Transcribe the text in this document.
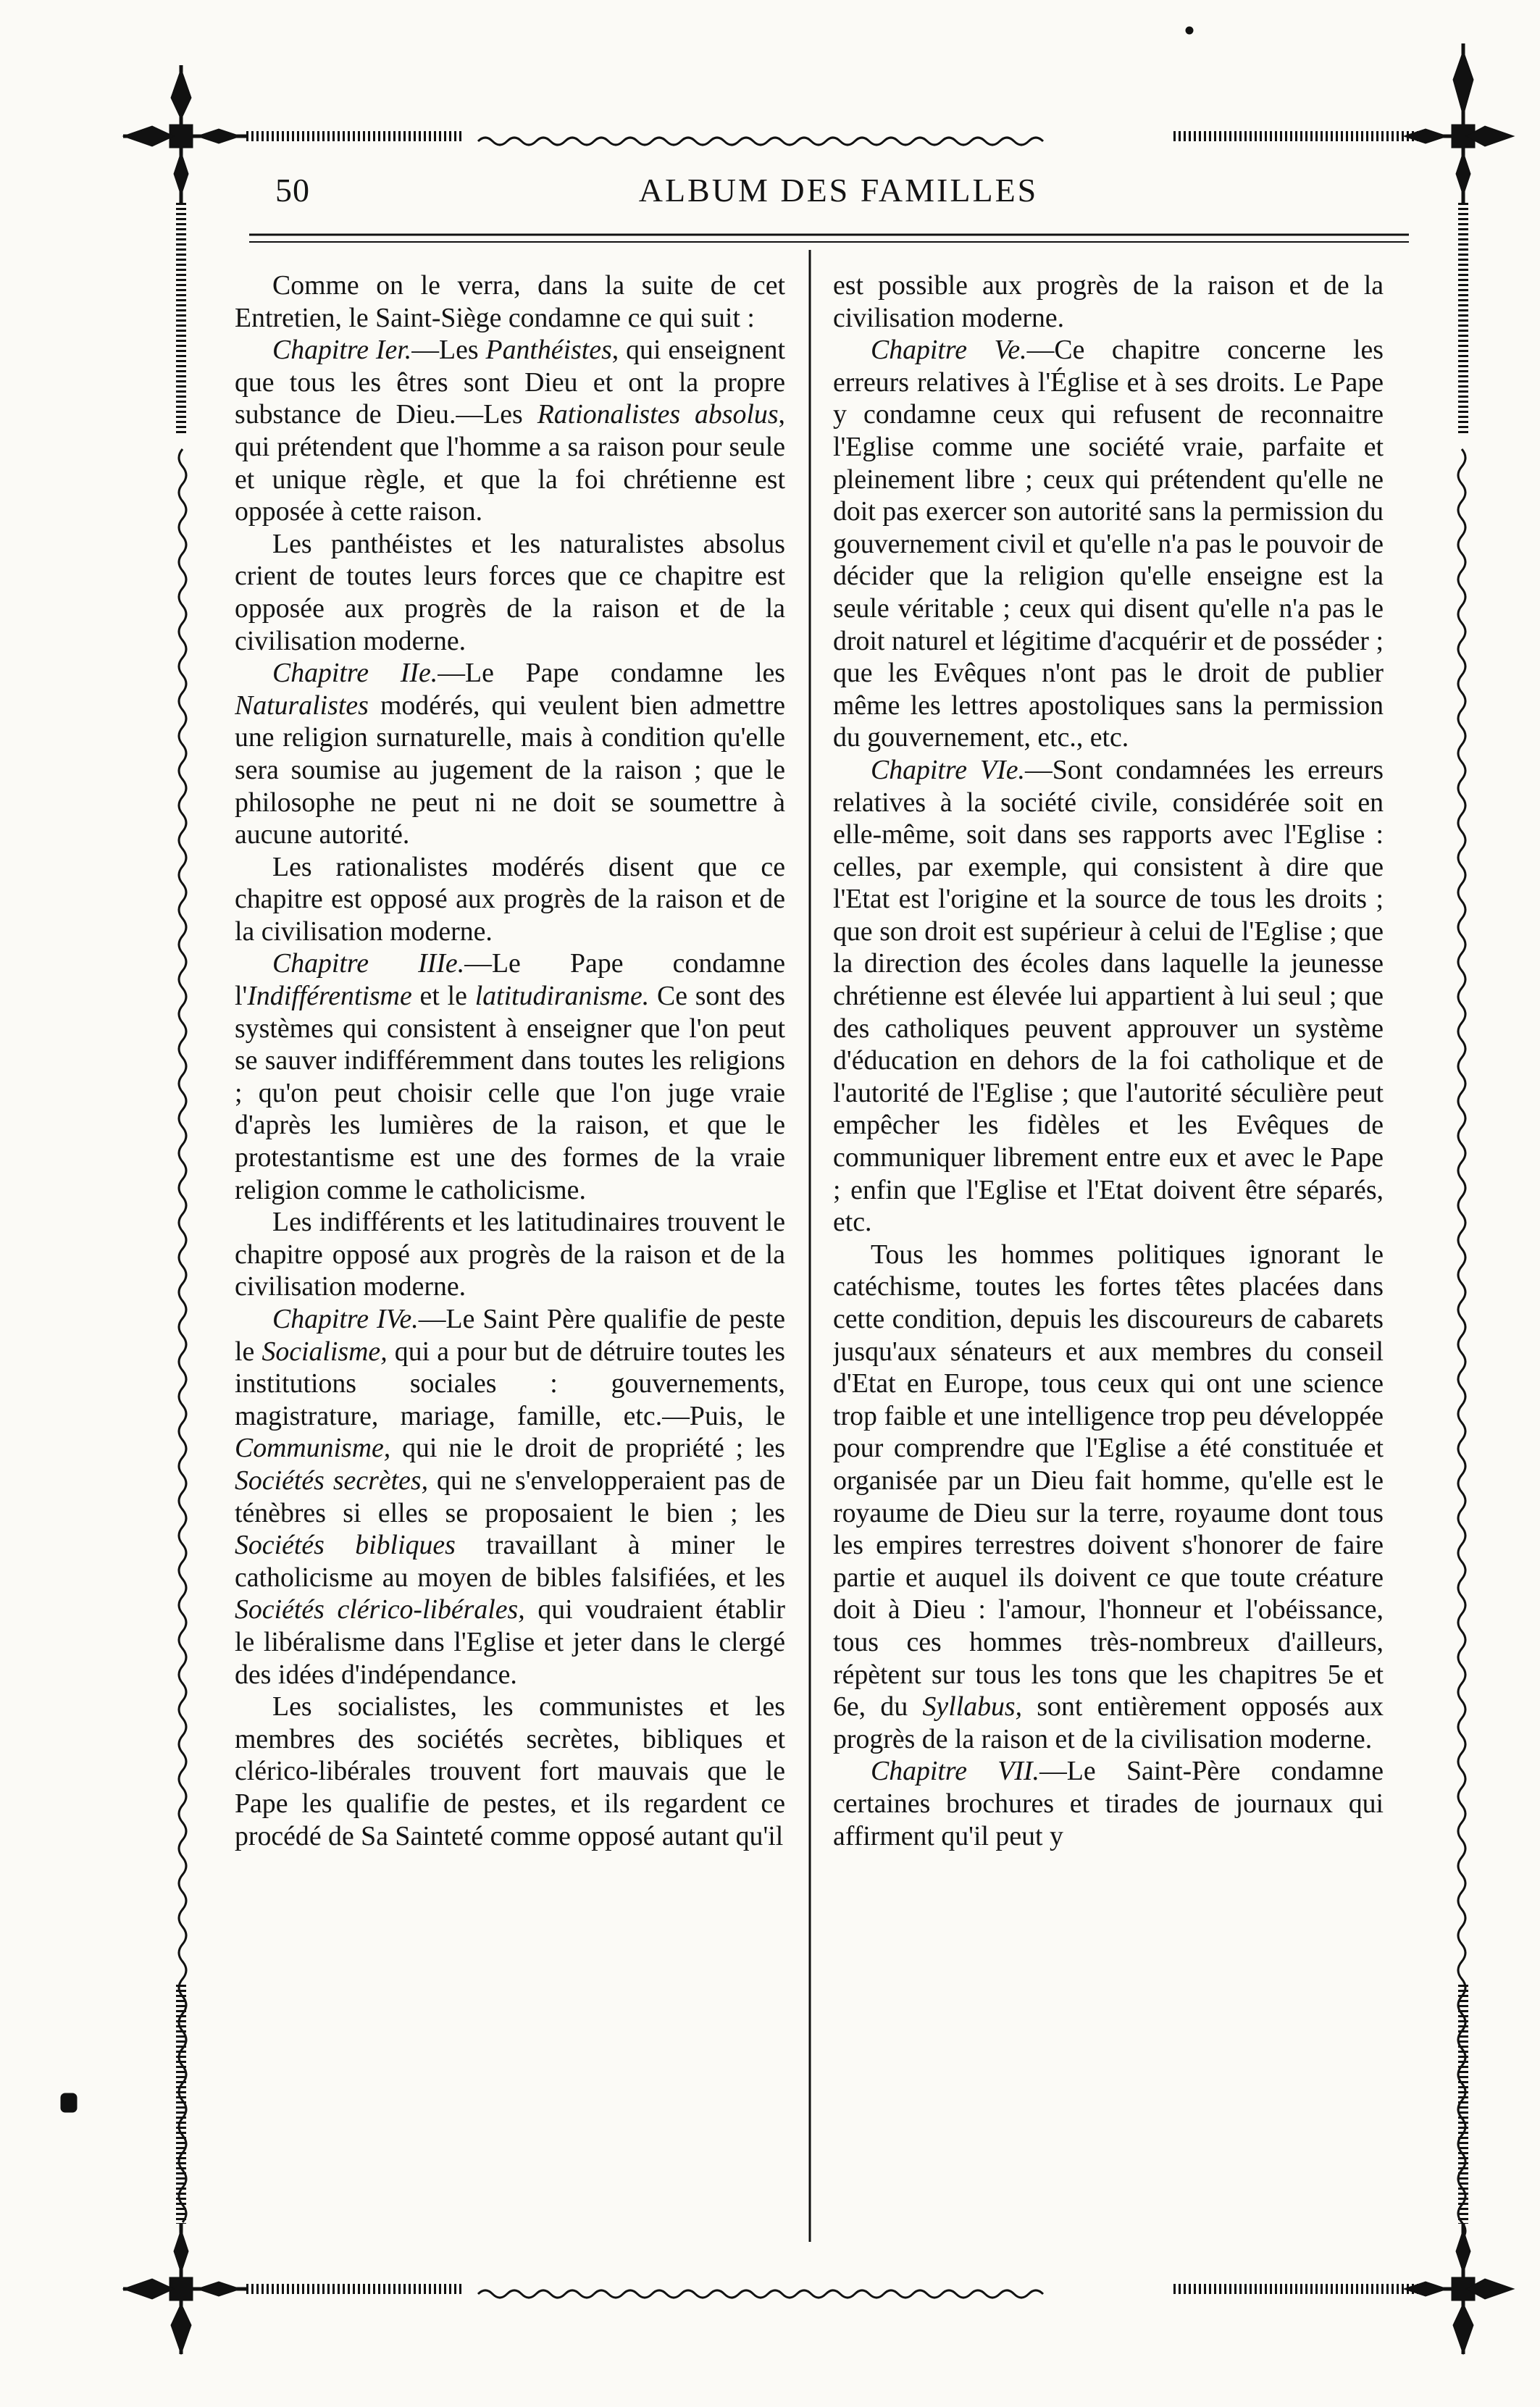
50	ALBUM DES FAMILLES

Comme on le verra, dans la suite de cet Entretien, le Saint-Siège condamne ce qui suit :

Chapitre Ier.—Les Panthéistes, qui enseignent que tous les êtres sont Dieu et ont la propre substance de Dieu.—Les Rationalistes absolus, qui prétendent que l'homme a sa raison pour seule et unique règle, et que la foi chrétienne est opposée à cette raison.

Les panthéistes et les naturalistes absolus crient de toutes leurs forces que ce chapitre est opposée aux progrès de la raison et de la civilisation moderne.

Chapitre IIe.—Le Pape condamne les Naturalistes modérés, qui veulent bien admettre une religion surnaturelle, mais à condition qu'elle sera soumise au jugement de la raison ; que le philosophe ne peut ni ne doit se soumettre à aucune autorité.

Les rationalistes modérés disent que ce chapitre est opposé aux progrès de la raison et de la civilisation moderne.

Chapitre IIIe.—Le Pape condamne l'Indifférentisme et le latitudiranisme. Ce sont des systèmes qui consistent à enseigner que l'on peut se sauver indifféremment dans toutes les religions ; qu'on peut choisir celle que l'on juge vraie d'après les lumières de la raison, et que le protestantisme est une des formes de la vraie religion comme le catholicisme.

Les indifférents et les latitudinaires trouvent le chapitre opposé aux progrès de la raison et de la civilisation moderne.

Chapitre IVe.—Le Saint Père qualifie de peste le Socialisme, qui a pour but de détruire toutes les institutions sociales : gouvernements, magistrature, mariage, famille, etc.—Puis, le Communisme, qui nie le droit de propriété ; les Sociétés secrètes, qui ne s'envelopperaient pas de ténèbres si elles se proposaient le bien ; les Sociétés bibliques travaillant à miner le catholicisme au moyen de bibles falsifiées, et les Sociétés clérico-libérales, qui voudraient établir le libéralisme dans l'Eglise et jeter dans le clergé des idées d'indépendance.

Les socialistes, les communistes et les membres des sociétés secrètes, bibliques et clérico-libérales trouvent fort mauvais que le Pape les qualifie de pestes, et ils regardent ce procédé de Sa Sainteté comme opposé autant qu'il

est possible aux progrès de la raison et de la civilisation moderne.

Chapitre Ve.—Ce chapitre concerne les erreurs relatives à l'Église et à ses droits. Le Pape y condamne ceux qui refusent de reconnaitre l'Eglise comme une société vraie, parfaite et pleinement libre ; ceux qui prétendent qu'elle ne doit pas exercer son autorité sans la permission du gouvernement civil et qu'elle n'a pas le pouvoir de décider que la religion qu'elle enseigne est la seule véritable ; ceux qui disent qu'elle n'a pas le droit naturel et légitime d'acquérir et de posséder ; que les Evêques n'ont pas le droit de publier même les lettres apostoliques sans la permission du gouvernement, etc., etc.

Chapitre VIe.—Sont condamnées les erreurs relatives à la société civile, considérée soit en elle-même, soit dans ses rapports avec l'Eglise : celles, par exemple, qui consistent à dire que l'Etat est l'origine et la source de tous les droits ; que son droit est supérieur à celui de l'Eglise ; que la direction des écoles dans laquelle la jeunesse chrétienne est élevée lui appartient à lui seul ; que des catholiques peuvent approuver un système d'éducation en dehors de la foi catholique et de l'autorité de l'Eglise ; que l'autorité séculière peut empêcher les fidèles et les Evêques de communiquer librement entre eux et avec le Pape ; enfin que l'Eglise et l'Etat doivent être séparés, etc.

Tous les hommes politiques ignorant le catéchisme, toutes les fortes têtes placées dans cette condition, depuis les discoureurs de cabarets jusqu'aux sénateurs et aux membres du conseil d'Etat en Europe, tous ceux qui ont une science trop faible et une intelligence trop peu développée pour comprendre que l'Eglise a été constituée et organisée par un Dieu fait homme, qu'elle est le royaume de Dieu sur la terre, royaume dont tous les empires terrestres doivent s'honorer de faire partie et auquel ils doivent ce que toute créature doit à Dieu : l'amour, l'honneur et l'obéissance, tous ces hommes très-nombreux d'ailleurs, répètent sur tous les tons que les chapitres 5e et 6e, du Syllabus, sont entièrement opposés aux progrès de la raison et de la civilisation moderne.

Chapitre VII.—Le Saint-Père condamne certaines brochures et tirades de journaux qui affirment qu'il peut y
